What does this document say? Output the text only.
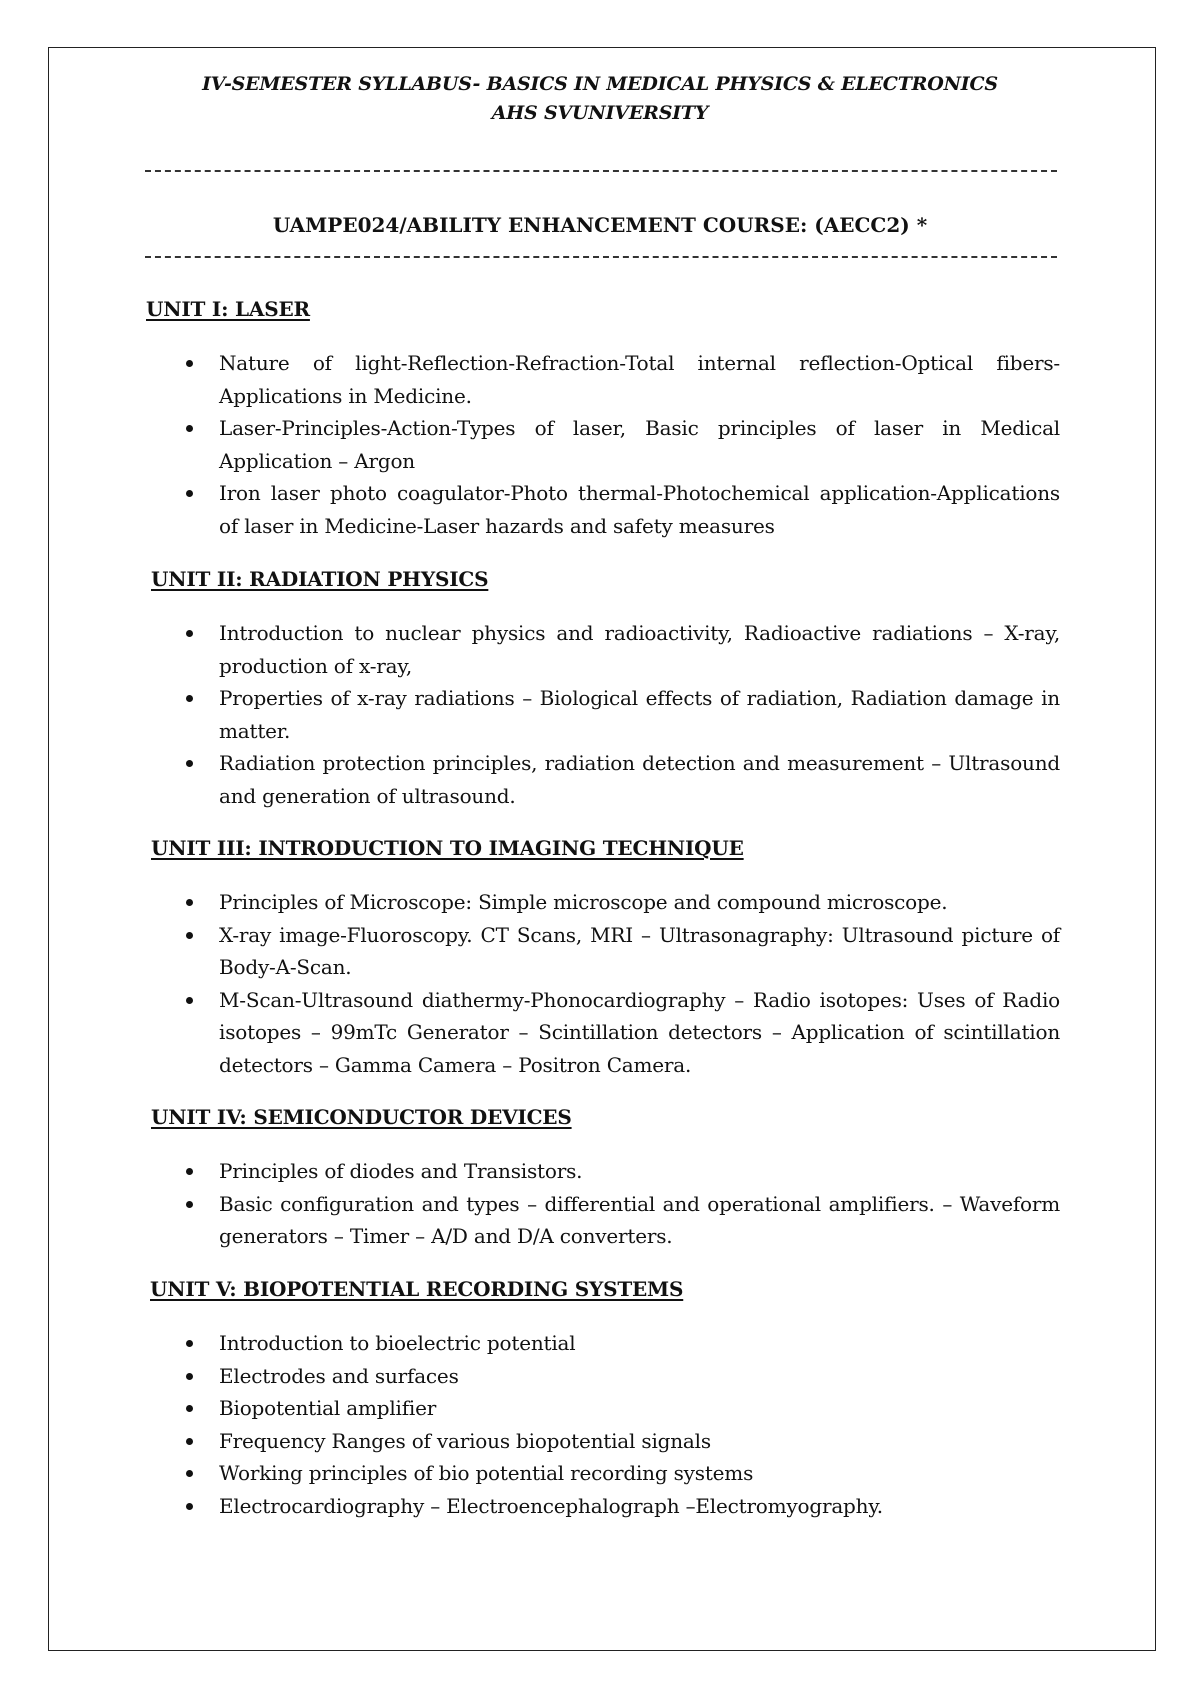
IV-SEMESTER SYLLABUS- BASICS IN MEDICAL PHYSICS & ELECTRONICS
AHS SVUNIVERSITY
UAMPE024/ABILITY ENHANCEMENT COURSE: (AECC2) *
UNIT I: LASER
Nature of light-Reflection-Refraction-Total internal reflection-Optical fibers-Applications in Medicine.
Laser-Principles-Action-Types of laser, Basic principles of laser in Medical Application – Argon
Iron laser photo coagulator-Photo thermal-Photochemical application-Applications of laser in Medicine-Laser hazards and safety measures
UNIT II: RADIATION PHYSICS
Introduction to nuclear physics and radioactivity, Radioactive radiations – X-ray, production of x-ray,
Properties of x-ray radiations – Biological effects of radiation, Radiation damage in matter.
Radiation protection principles, radiation detection and measurement – Ultrasound and generation of ultrasound.
UNIT III: INTRODUCTION TO IMAGING TECHNIQUE
Principles of Microscope: Simple microscope and compound microscope.
X-ray image-Fluoroscopy. CT Scans, MRI – Ultrasonagraphy: Ultrasound picture of Body-A-Scan.
M-Scan-Ultrasound diathermy-Phonocardiography – Radio isotopes: Uses of Radio isotopes – 99mTc Generator – Scintillation detectors – Application of scintillation detectors – Gamma Camera – Positron Camera.
UNIT IV: SEMICONDUCTOR DEVICES
Principles of diodes and Transistors.
Basic configuration and types – differential and operational amplifiers. – Waveform generators – Timer – A/D and D/A converters.
UNIT V: BIOPOTENTIAL RECORDING SYSTEMS
Introduction to bioelectric potential
Electrodes and surfaces
Biopotential amplifier
Frequency Ranges of various biopotential signals
Working principles of bio potential recording systems
Electrocardiography – Electroencephalograph –Electromyography.
